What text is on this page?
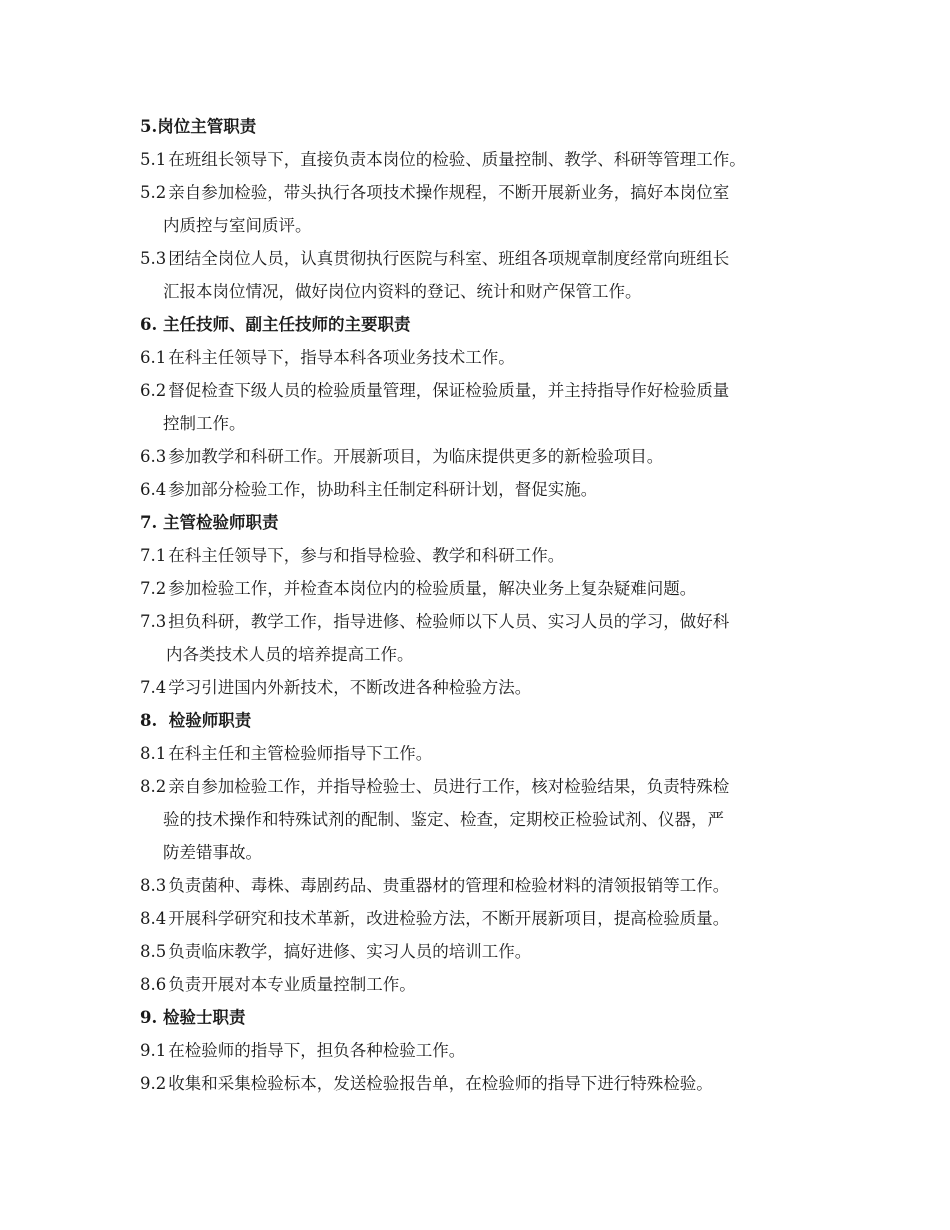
5.岗位主管职责
5.1 在班组长领导下，直接负责本岗位的检验、质量控制、教学、科研等管理工作。
5.2 亲自参加检验，带头执行各项技术操作规程，不断开展新业务，搞好本岗位室
内质控与室间质评。
5.3 团结全岗位人员，认真贯彻执行医院与科室、班组各项规章制度经常向班组长
汇报本岗位情况，做好岗位内资料的登记、统计和财产保管工作。
6. 主任技师、副主任技师的主要职责
6.1 在科主任领导下，指导本科各项业务技术工作。
6.2 督促检查下级人员的检验质量管理，保证检验质量，并主持指导作好检验质量
控制工作。
6.3 参加教学和科研工作。开展新项目，为临床提供更多的新检验项目。
6.4 参加部分检验工作，协助科主任制定科研计划，督促实施。
7. 主管检验师职责
7.1 在科主任领导下，参与和指导检验、教学和科研工作。
7.2 参加检验工作，并检查本岗位内的检验质量，解决业务上复杂疑难问题。
7.3 担负科研，教学工作，指导进修、检验师以下人员、实习人员的学习，做好科
内各类技术人员的培养提高工作。
7.4 学习引进国内外新技术，不断改进各种检验方法。
8.  检验师职责
8.1 在科主任和主管检验师指导下工作。
8.2 亲自参加检验工作，并指导检验士、员进行工作，核对检验结果，负责特殊检
验的技术操作和特殊试剂的配制、鉴定、检查，定期校正检验试剂、仪器，严
防差错事故。
8.3 负责菌种、毒株、毒剧药品、贵重器材的管理和检验材料的清领报销等工作。
8.4 开展科学研究和技术革新，改进检验方法，不断开展新项目，提高检验质量。
8.5 负责临床教学，搞好进修、实习人员的培训工作。
8.6 负责开展对本专业质量控制工作。
9. 检验士职责
9.1 在检验师的指导下，担负各种检验工作。
9.2 收集和采集检验标本，发送检验报告单，在检验师的指导下进行特殊检验。
